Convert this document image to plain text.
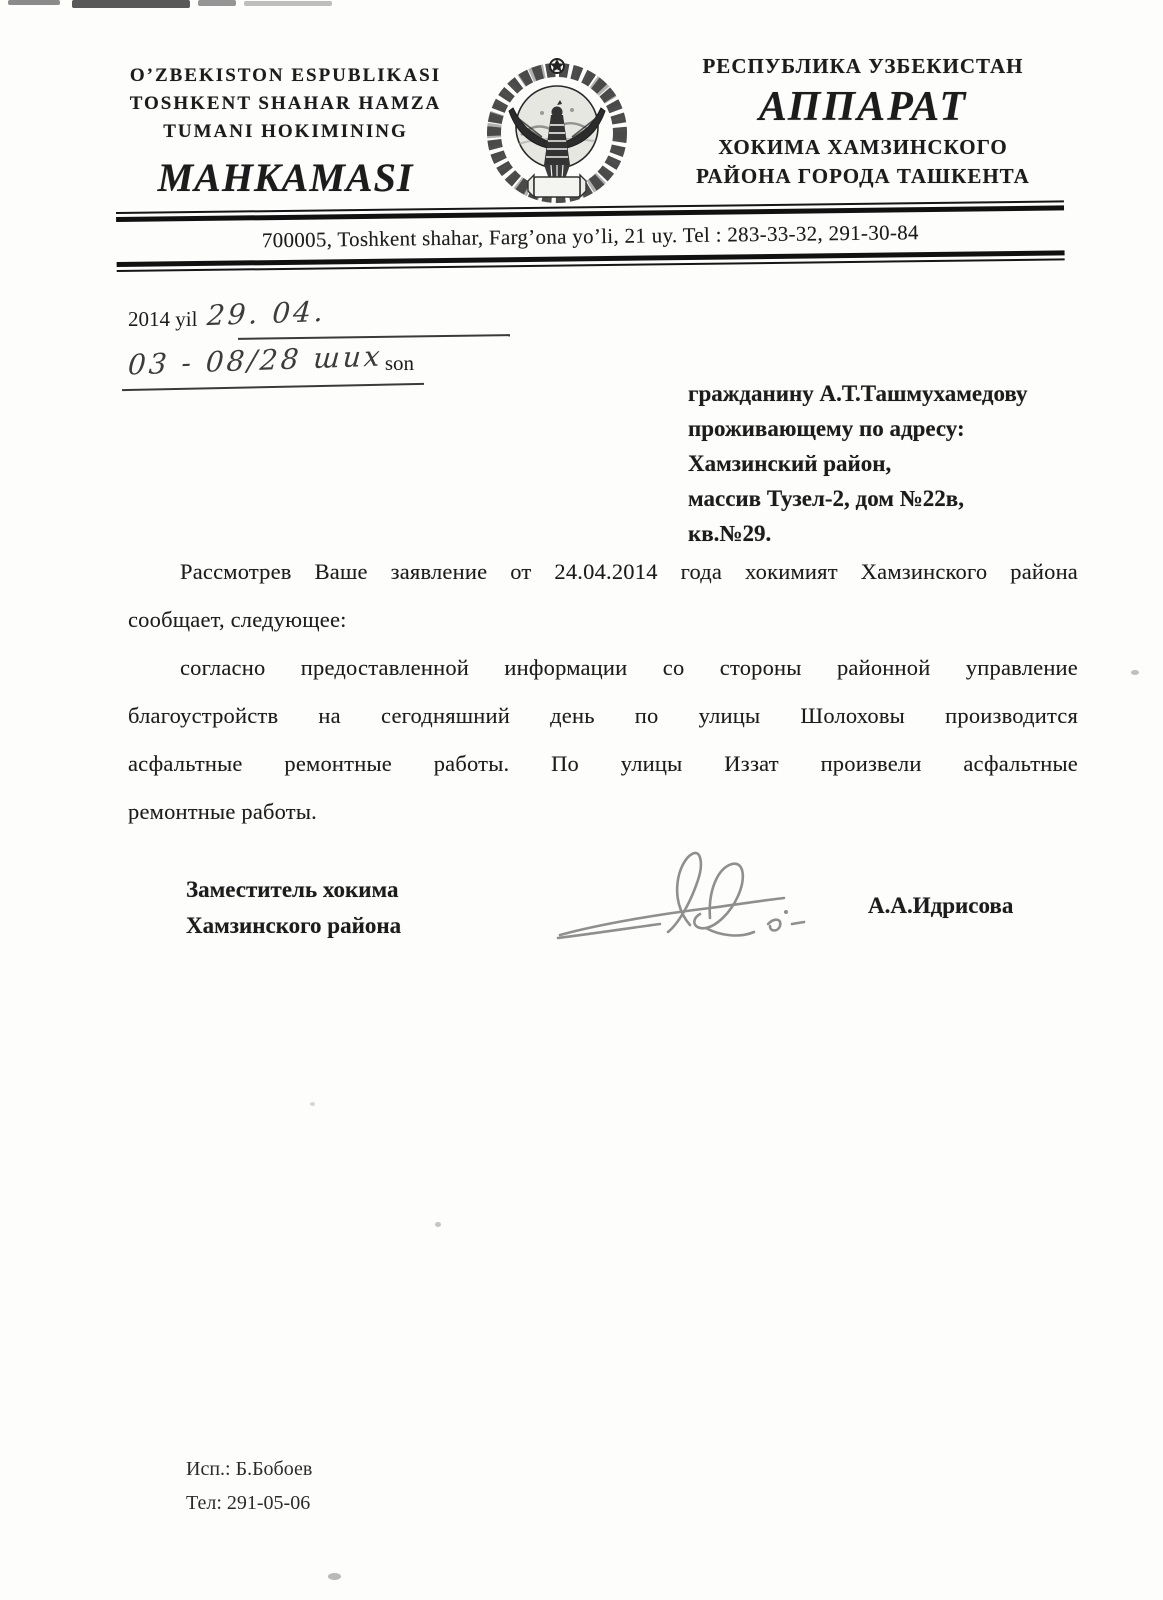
O’ZBEKISTON ESPUBLIKASI
TOSHKENT SHAHAR HAMZA
TUMANI HOKIMINING
MAHKAMASI
РЕСПУБЛИКА УЗБЕКИСТАН
АППАРАТ
ХОКИМА ХАМЗИНСКОГО
РАЙОНА ГОРОДА ТАШКЕНТА
700005, Toshkent shahar, Farg’ona yo’li, 21 uy. Tel : 283-33-32, 291-30-84
2014 yil 29. 04.
03 - 08/28 шихson
гражданину А.Т.Ташмухамедову
проживающему по адресу:
Хамзинский район,
массив Тузел-2, дом №22в,
кв.№29.
Рассмотрев Ваше заявление от 24.04.2014 года хокимият Хамзинского района
сообщает, следующее:
согласно предоставленной информации со стороны районной управление
благоустройств на сегодняшний день по улицы Шолоховы производится
асфальтные ремонтные работы. По улицы Иззат произвели асфальтные
ремонтные работы.
Заместитель хокима
Хамзинского района
А.А.Идрисова
Исп.: Б.Бобоев
Тел: 291-05-06
